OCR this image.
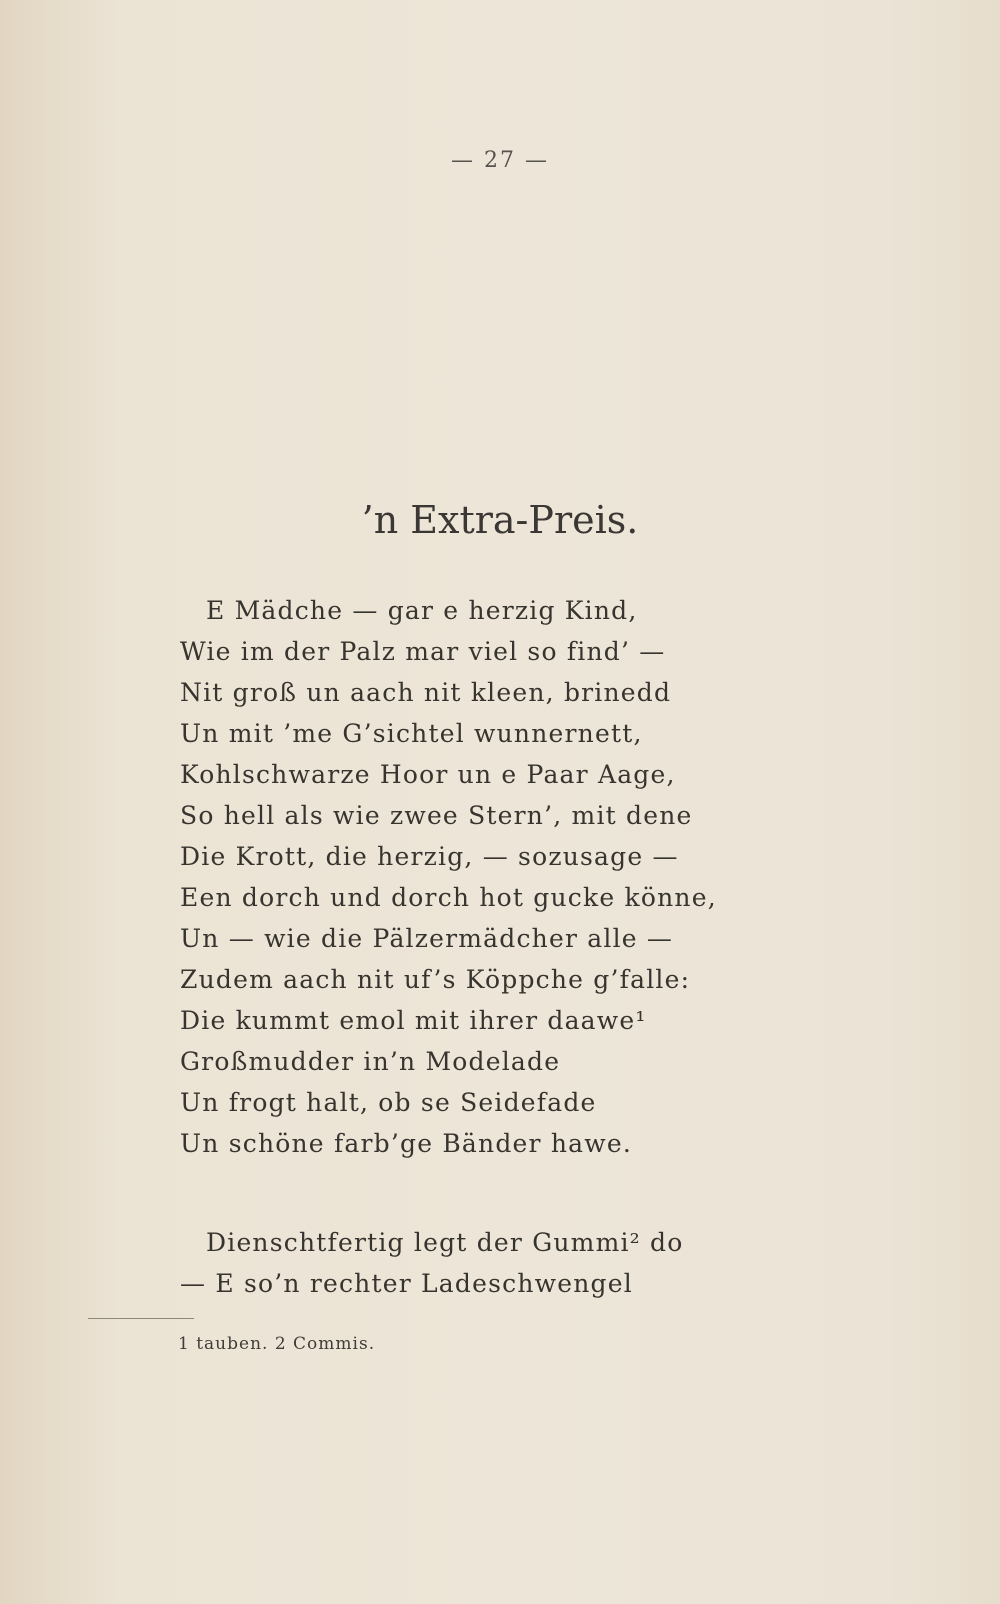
— 27 —
’n Extra-Preis.
E Mädche — gar e herzig Kind,
Wie im der Palz mar viel so find’ —
Nit groß un aach nit kleen, brinedd
Un mit ’me G’sichtel wunnernett,
Kohlschwarze Hoor un e Paar Aage,
So hell als wie zwee Stern’, mit dene
Die Krott, die herzig, — sozusage —
Een dorch und dorch hot gucke könne,
Un — wie die Pälzermädcher alle —
Zudem aach nit uf’s Köppche g’falle:
Die kummt emol mit ihrer daawe¹
Großmudder in’n Modelade
Un frogt halt, ob se Seidefade
Un schöne farb’ge Bänder hawe.
Dienschtfertig legt der Gummi² do
— E so’n rechter Ladeschwengel
1 tauben. 2 Commis.
